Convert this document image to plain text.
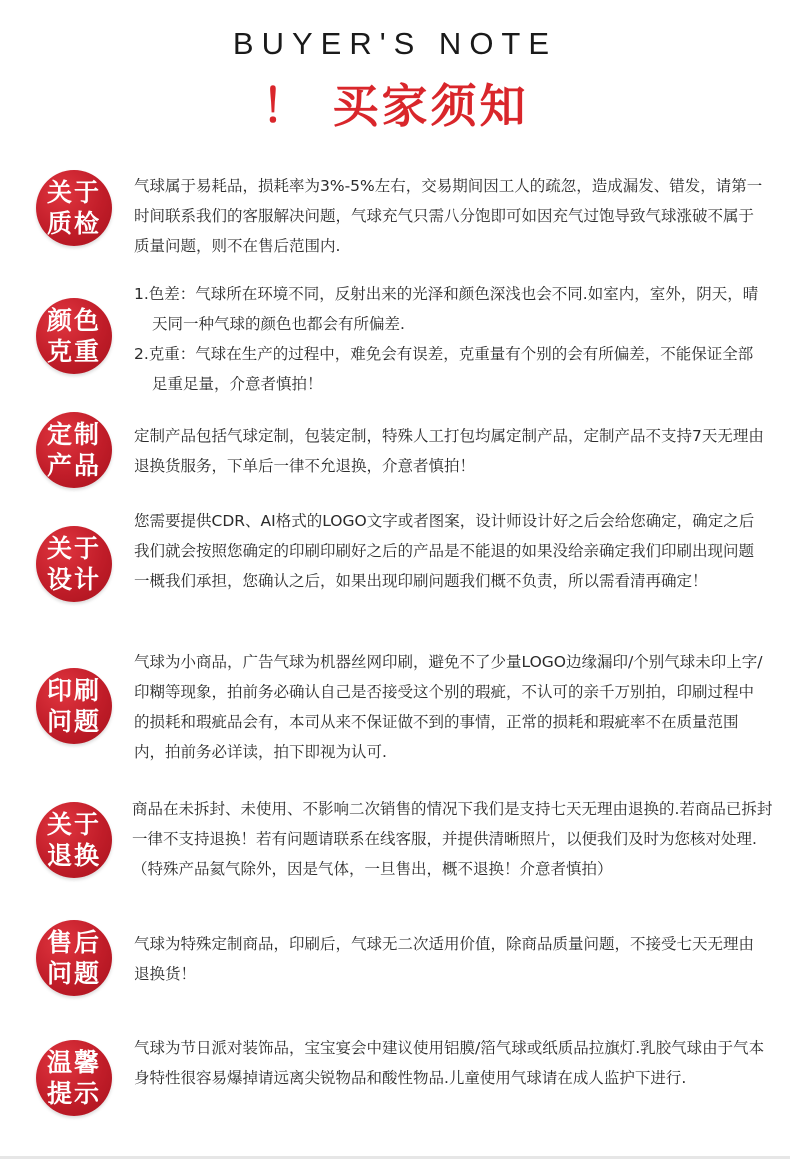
BUYER'S NOTE
！ 买家须知
关于
质检

气球属于易耗品，损耗率为3%-5%左右，交易期间因工人的疏忽，造成漏发、错发，请第一时间联系我们的客服解决问题，气球充气只需八分饱即可如因充气过饱导致气球涨破不属于质量问题，则不在售后范围内.

颜色
克重

1.色差：气球所在环境不同，反射出来的光泽和颜色深浅也会不同.如室内，室外，阴天，晴天同一种气球的颜色也都会有所偏差.

2.克重：气球在生产的过程中，难免会有误差，克重量有个别的会有所偏差，不能保证全部足重足量，介意者慎拍！

定制
产品

定制产品包括气球定制，包装定制，特殊人工打包均属定制产品，定制产品不支持7天无理由退换货服务，下单后一律不允退换，介意者慎拍！

关于
设计

您需要提供CDR、AI格式的LOGO文字或者图案，设计师设计好之后会给您确定，确定之后我们就会按照您确定的印刷印刷好之后的产品是不能退的如果没给亲确定我们印刷出现问题一概我们承担，您确认之后，如果出现印刷问题我们概不负责，所以需看清再确定！

印刷
问题

气球为小商品，广告气球为机器丝网印刷，避免不了少量LOGO边缘漏印/个别气球未印上字/印糊等现象，拍前务必确认自己是否接受这个别的瑕疵，不认可的亲千万别拍，印刷过程中的损耗和瑕疵品会有，本司从来不保证做不到的事情，正常的损耗和瑕疵率不在质量范围内，拍前务必详读，拍下即视为认可.

关于
退换

商品在未拆封、未使用、不影响二次销售的情况下我们是支持七天无理由退换的.若商品已拆封一律不支持退换！若有问题请联系在线客服，并提供清晰照片，以便我们及时为您核对处理.（特殊产品氦气除外，因是气体，一旦售出，概不退换！介意者慎拍）

售后
问题

气球为特殊定制商品，印刷后，气球无二次适用价值，除商品质量问题，不接受七天无理由退换货！

温馨
提示

气球为节日派对装饰品，宝宝宴会中建议使用铝膜/箔气球或纸质品拉旗灯.乳胶气球由于气本身特性很容易爆掉请远离尖锐物品和酸性物品.儿童使用气球请在成人监护下进行.
